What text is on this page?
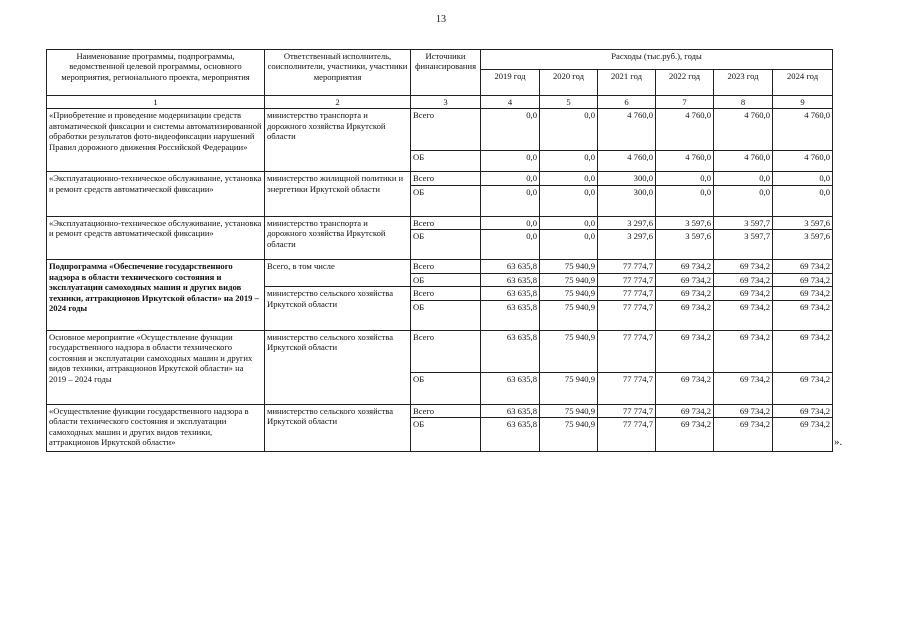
13
Наименование программы, подпрограммы, ведомственной целевой программы, основного мероприятия, регионального проекта, мероприятия	Ответственный исполнитель, соисполнители, участники, участники мероприятия	Источники финансирования	Расходы (тыс.руб.), годы					
			2019 год	2020 год	2021 год	2022 год	2023 год	2024 год
1	2	3	4	5	6	7	8	9
«Приобретение и проведение модернизации средств автоматической фиксации и системы автоматизированной обработки результатов фото-видеофиксации нарушений Правил дорожного движения Российской Федерации»	министерство транспорта и дорожного хозяйства Иркутской области	Всего	0,0	0,0	4 760,0	4 760,0	4 760,0	4 760,0
		ОБ	0,0	0,0	4 760,0	4 760,0	4 760,0	4 760,0
«Эксплуатационно-техническое обслуживание, установка и ремонт средств автоматической фиксации»	министерство жилищной политики и энергетики Иркутской области	Всего	0,0	0,0	300,0	0,0	0,0	0,0
		ОБ	0,0	0,0	300,0	0,0	0,0	0,0
«Эксплуатационно-техническое обслуживание, установка и ремонт средств автоматической фиксации»	министерство транспорта и дорожного хозяйства Иркутской области	Всего	0,0	0,0	3 297,6	3 597,6	3 597,7	3 597,6
		ОБ	0,0	0,0	3 297,6	3 597,6	3 597,7	3 597,6
Подпрограмма «Обеспечение государственного надзора в области технического состояния и эксплуатации самоходных машин и других видов техники, аттракционов Иркутской области» на 2019 – 2024 годы	Всего, в том числе	Всего	63 635,8	75 940,9	77 774,7	69 734,2	69 734,2	69 734,2
		ОБ	63 635,8	75 940,9	77 774,7	69 734,2	69 734,2	69 734,2
	министерство сельского хозяйства Иркутской области	Всего	63 635,8	75 940,9	77 774,7	69 734,2	69 734,2	69 734,2
		ОБ	63 635,8	75 940,9	77 774,7	69 734,2	69 734,2	69 734,2
Основное мероприятие «Осуществление функции государственного надзора в области технического состояния и эксплуатации самоходных машин и других видов техники, аттракционов Иркутской области» на 2019 – 2024 годы	министерство сельского хозяйства Иркутской области	Всего	63 635,8	75 940,9	77 774,7	69 734,2	69 734,2	69 734,2
		ОБ	63 635,8	75 940,9	77 774,7	69 734,2	69 734,2	69 734,2
«Осуществление функции государственного надзора в области технического состояния и эксплуатации самоходных машин и других видов техники, аттракционов Иркутской области»	министерство сельского хозяйства Иркутской области	Всего	63 635,8	75 940,9	77 774,7	69 734,2	69 734,2	69 734,2
		ОБ	63 635,8	75 940,9	77 774,7	69 734,2	69 734,2	69 734,2
».
